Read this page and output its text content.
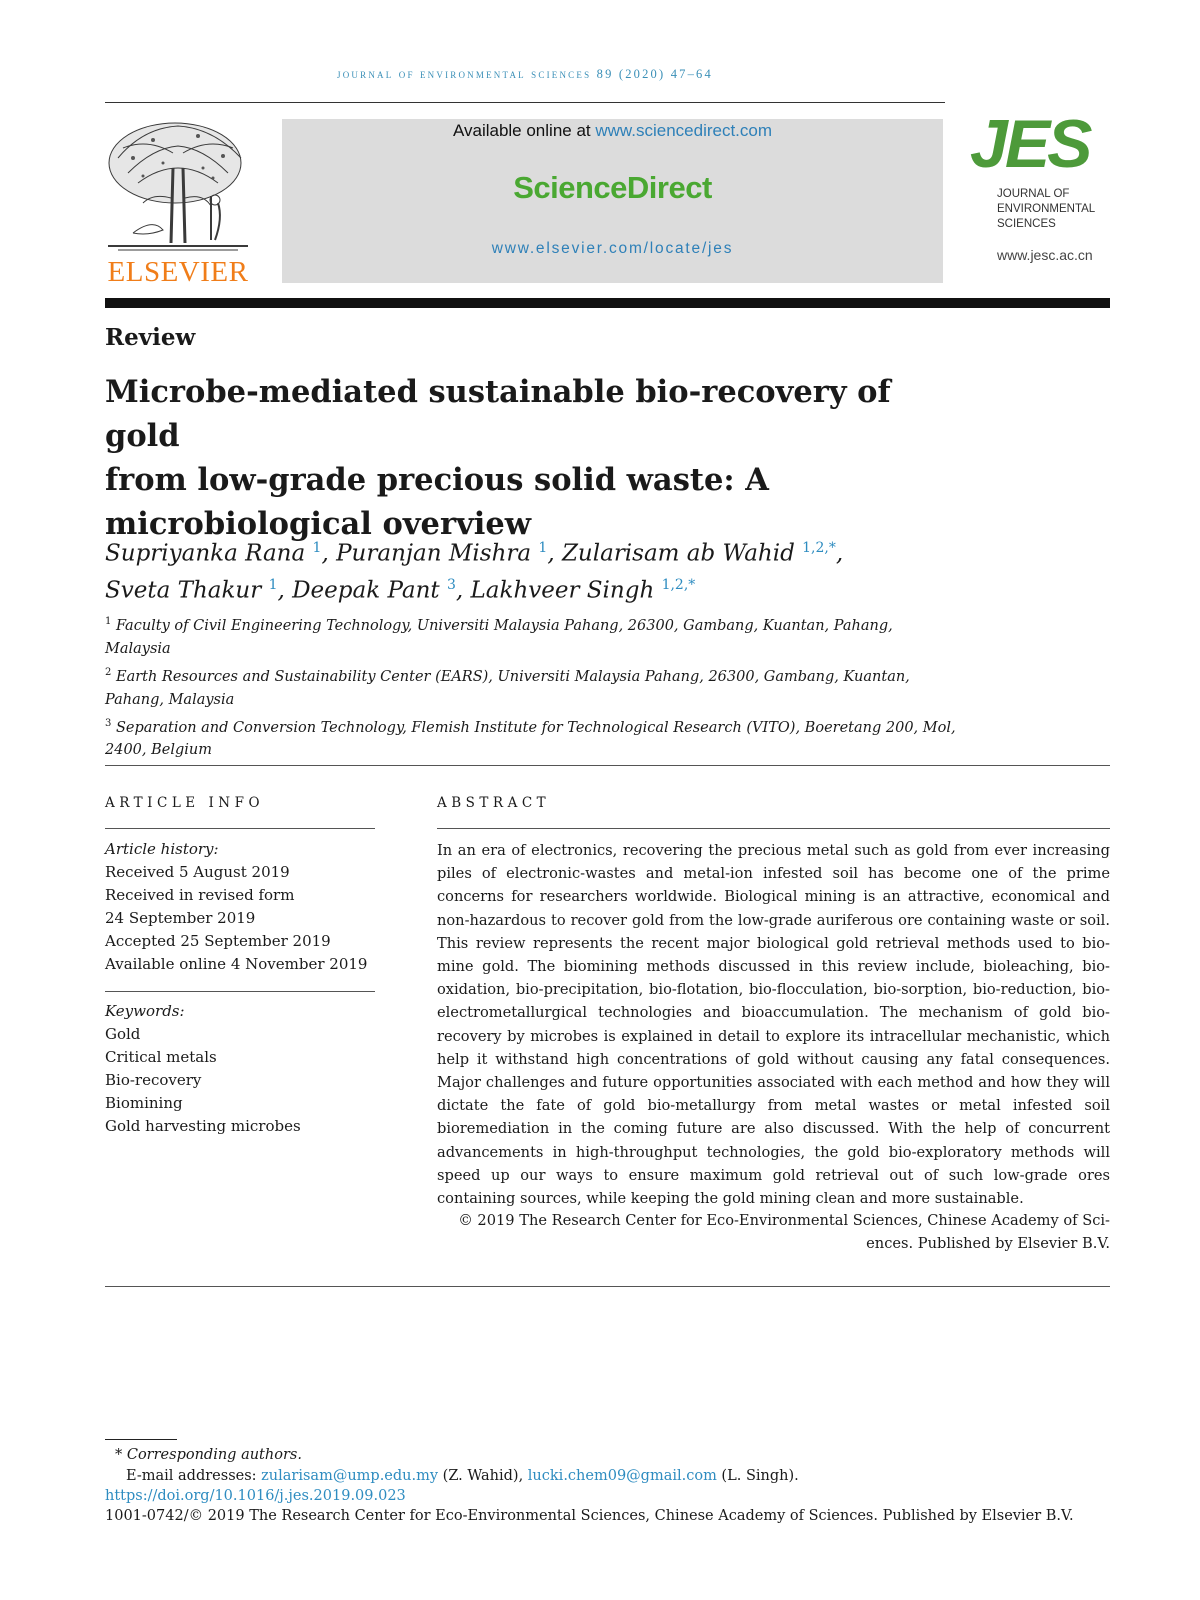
journal of environmental sciences 89 (2020) 47–64
ELSEVIER
Available online at www.sciencedirect.com
ScienceDirect
www.elsevier.com/locate/jes
JES
JOURNAL OF
ENVIRONMENTAL
SCIENCES
www.jesc.ac.cn
Review
Microbe-mediated sustainable bio-recovery of gold
from low-grade precious solid waste: A
microbiological overview
Supriyanka Rana $^1$, Puranjan Mishra $^1$, Zularisam ab Wahid $^{1,2,*}$,
Sveta Thakur $^1$, Deepak Pant $^3$, Lakhveer Singh $^{1,2,*}$
$^1$ Faculty of Civil Engineering Technology, Universiti Malaysia Pahang, 26300, Gambang, Kuantan, Pahang,
Malaysia
$^2$ Earth Resources and Sustainability Center (EARS), Universiti Malaysia Pahang, 26300, Gambang, Kuantan,
Pahang, Malaysia
$^3$ Separation and Conversion Technology, Flemish Institute for Technological Research (VITO), Boeretang 200, Mol,
2400, Belgium
ARTICLE INFO
Article history:
Received 5 August 2019
Received in revised form
24 September 2019
Accepted 25 September 2019
Available online 4 November 2019
Keywords:
Gold
Critical metals
Bio-recovery
Biomining
Gold harvesting microbes
ABSTRACT
In an era of electronics, recovering the precious metal such as gold from ever increasing piles of electronic-wastes and metal-ion infested soil has become one of the prime concerns for researchers worldwide. Biological mining is an attractive, economical and non-hazardous to recover gold from the low-grade auriferous ore containing waste or soil. This review represents the recent major biological gold retrieval methods used to bio-mine gold. The biomining methods discussed in this review include, bioleaching, bio-oxidation, bio-precipitation, bio-flotation, bio-flocculation, bio-sorption, bio-reduction, bio-electrometallurgical technologies and bioaccumulation. The mechanism of gold bio-recovery by microbes is explained in detail to explore its intracellular mechanistic, which help it withstand high concentrations of gold without causing any fatal consequences. Major challenges and future opportunities associated with each method and how they will dictate the fate of gold bio-metallurgy from metal wastes or metal infested soil bioremediation in the coming future are also discussed. With the help of concurrent advancements in high-throughput technologies, the gold bio-exploratory methods will speed up our ways to ensure maximum gold retrieval out of such low-grade ores containing sources, while keeping the gold mining clean and more sustainable.
© 2019 The Research Center for Eco-Environmental Sciences, Chinese Academy of Sci-
ences. Published by Elsevier B.V.
* Corresponding authors.
E-mail addresses: zularisam@ump.edu.my (Z. Wahid), lucki.chem09@gmail.com (L. Singh).
https://doi.org/10.1016/j.jes.2019.09.023
1001-0742/© 2019 The Research Center for Eco-Environmental Sciences, Chinese Academy of Sciences. Published by Elsevier B.V.
